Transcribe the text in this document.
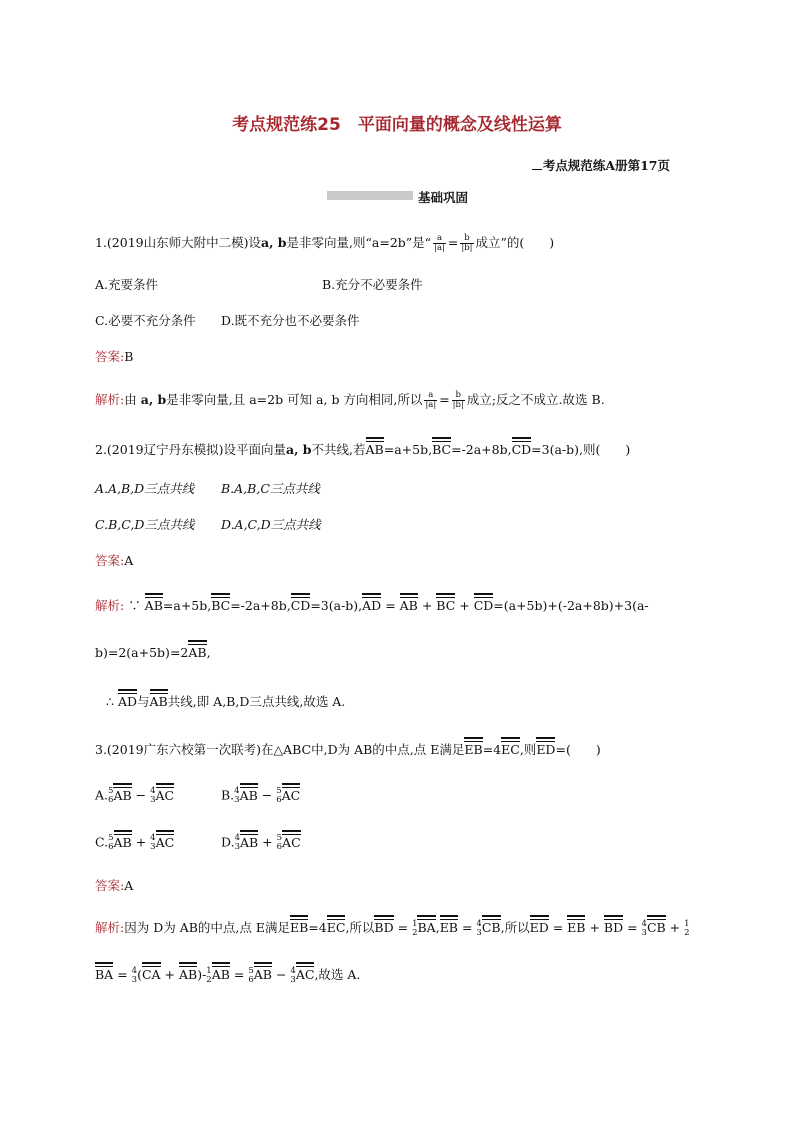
考点规范练25　平面向量的概念及线性运算
考点规范练A册第17页
基础巩固
1.(2019山东师大附中二模)设a, b是非零向量,则“a=2b”是“ $\frac{a}{|a|} = \frac{b}{|b|}$ 成立”的(　　)
A.充要条件	B.充分不必要条件
C.必要不充分条件 D.既不充分也不必要条件
答案:B
解析:由 a, b是非零向量,且 a=2b 可知 a, b 方向相同,所以 $\frac{a}{|a|} = \frac{b}{|b|}$ 成立;反之不成立.故选 B.
2.(2019辽宁丹东模拟)设平面向量a, b不共线,若AB=a+5b,BC=-2a+8b,CD=3(a-b),则(　　)
A.A,B,D三点共线 B.A,B,C三点共线
C.B,C,D三点共线 D.A,C,D三点共线
答案:A
解析: ∵ AB=a+5b,BC=-2a+8b,CD=3(a-b),AD = AB + BC + CD=(a+5b)+(-2a+8b)+3(a-
b)=2(a+5b)=2AB,
∴ AD与AB共线,即 A,B,D三点共线,故选 A.
3.(2019广东六校第一次联考)在△ABC中,D为 AB的中点,点 E满足EB=4EC,则ED=(　　)
A. 5
6 AB − 4
3 AC	B. 4
3 AB − 5
6 AC
C. 5
6 AB + 4
3 AC	D. 4
3 AB + 5
6 AC
答案:A
解析:因为 D为 AB的中点,点 E满足EB=4EC,所以BD = 1
2 BA,EB = 4
3 CB,所以ED = EB + BD = 4
3 CB + 1
2
BA = 4
3 (CA + AB)- 1
2 AB = 5
6 AB − 4
3 AC,故选 A.
